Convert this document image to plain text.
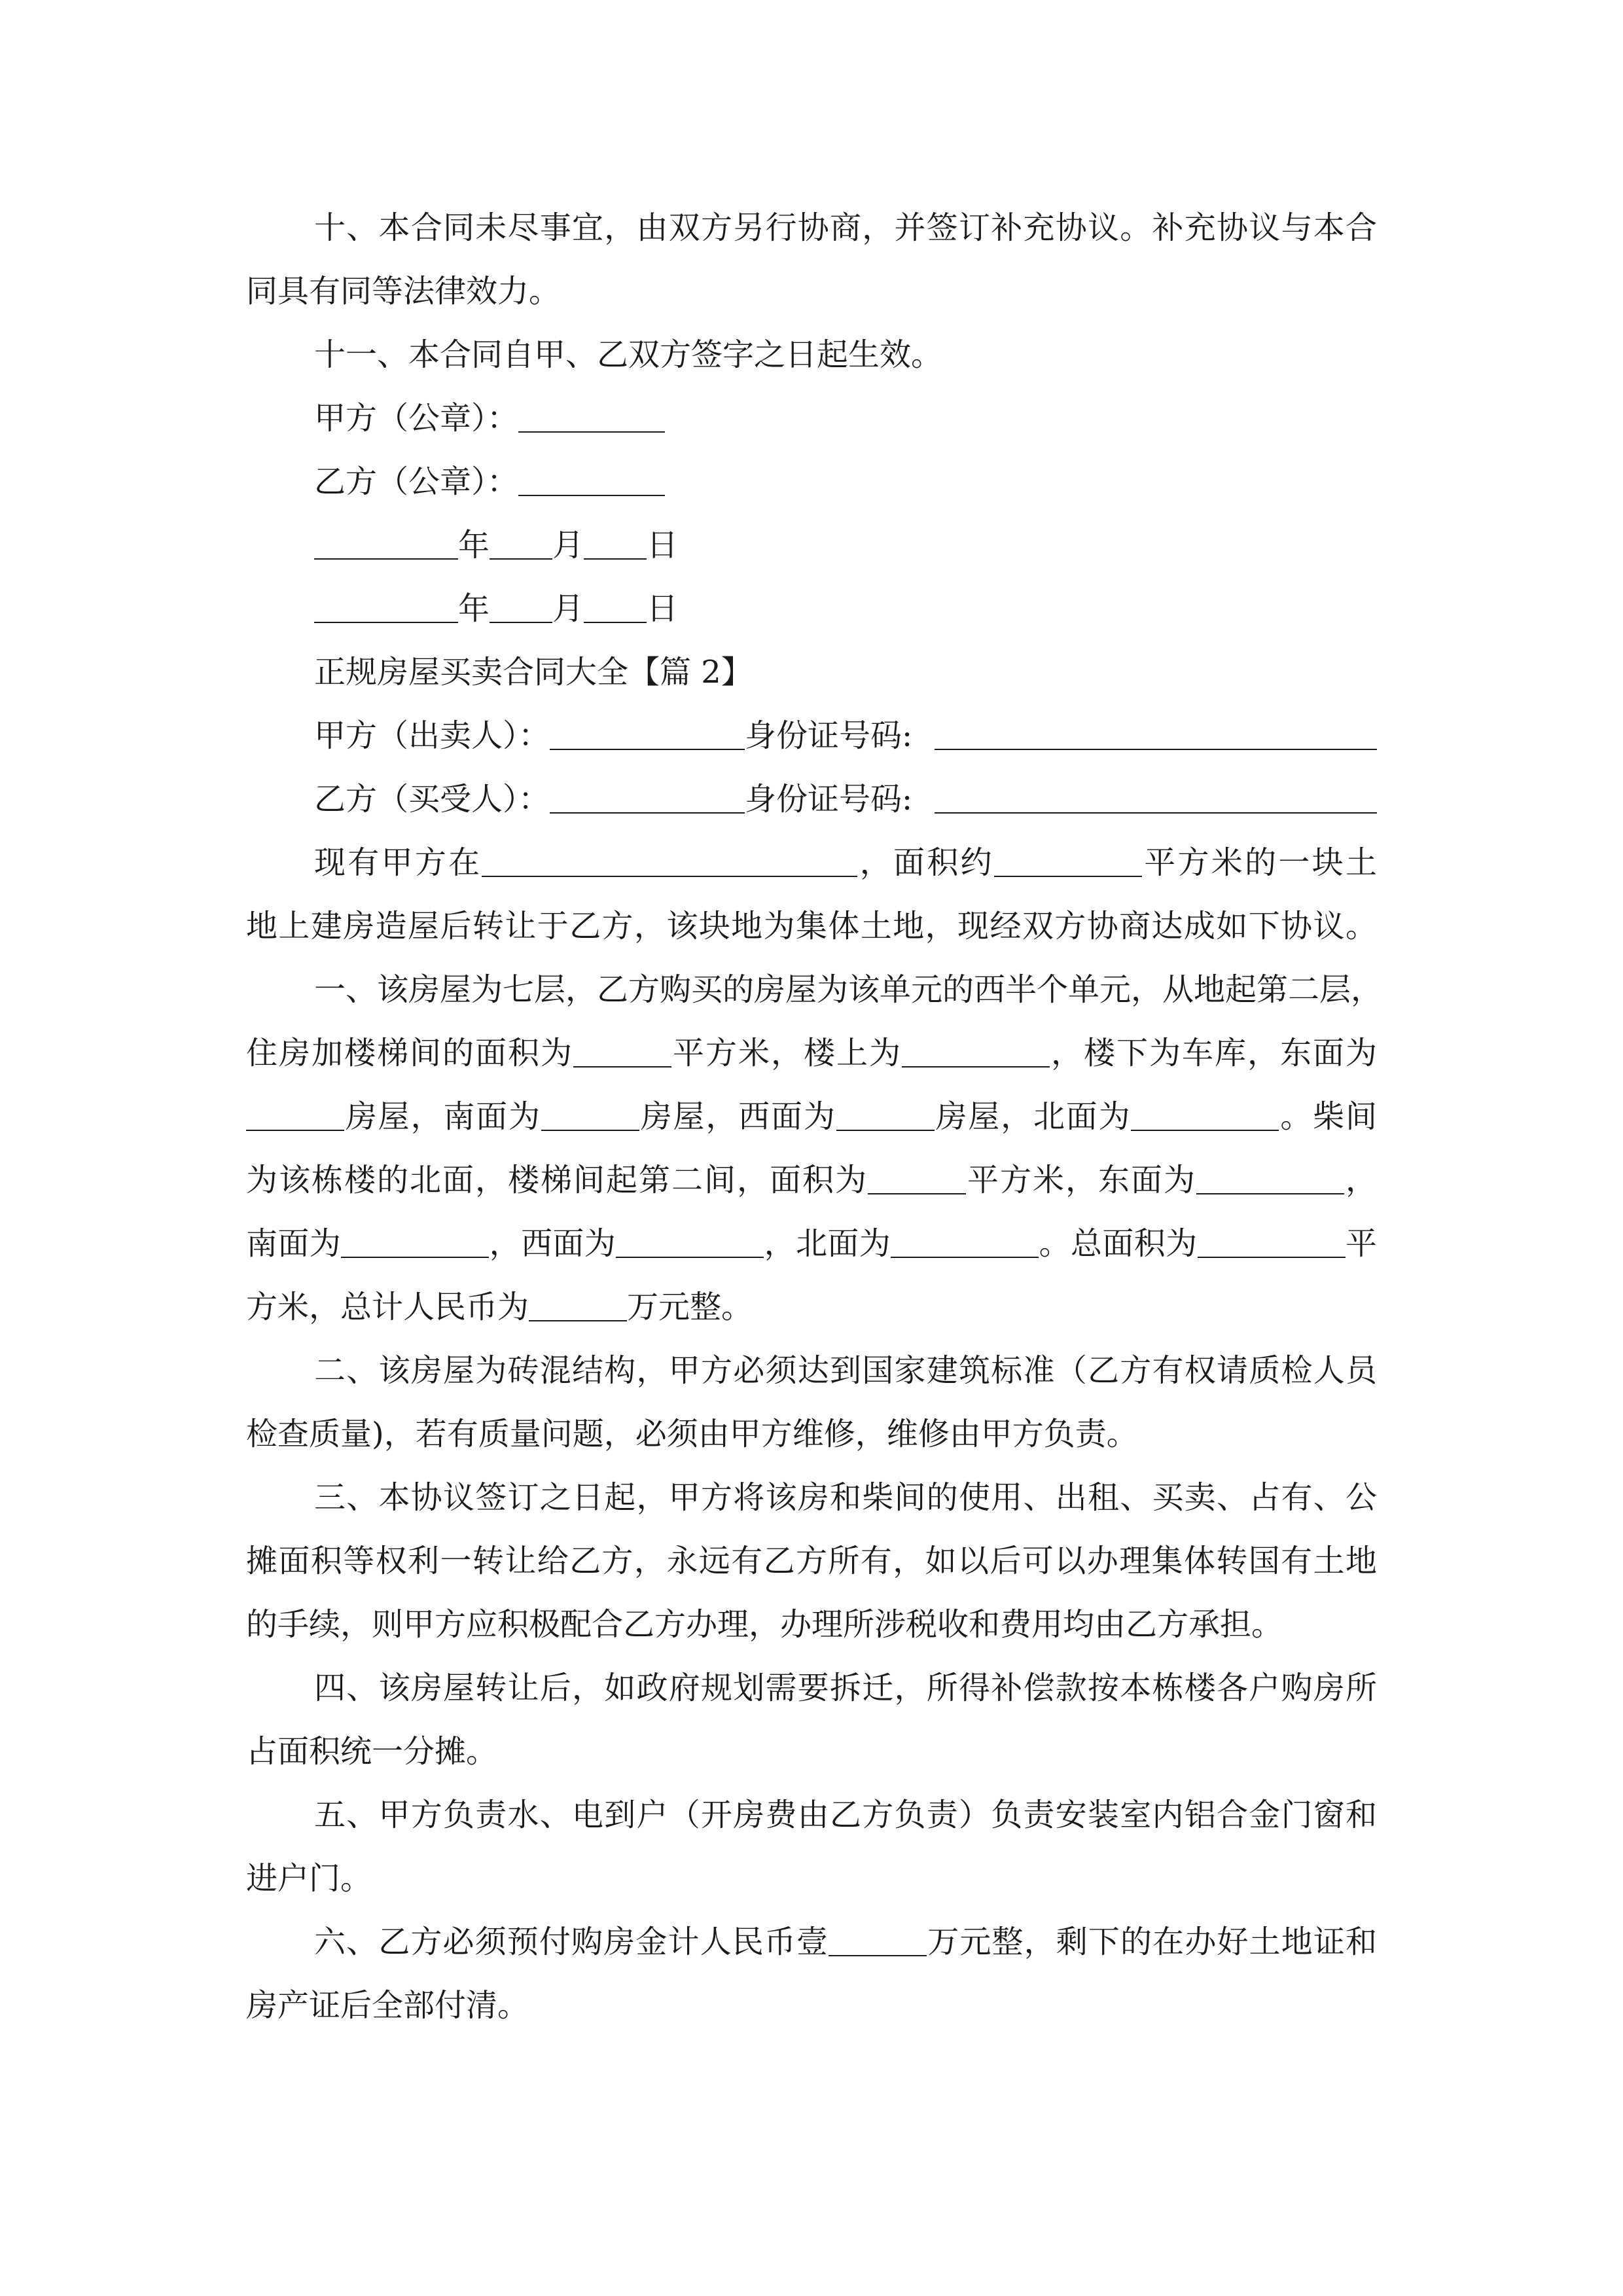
十、本合同未尽事宜，由双方另行协商，并签订补充协议。补充协议与本合
同具有同等法律效力。
十一、本合同自甲、乙双方签字之日起生效。
甲方（公章）：
乙方（公章）：
年 月 日
年 月 日
正规房屋买卖合同大全【篇 2】
甲方（出卖人）：	身份证号码:
乙方（买受人）：	身份证号码:
现有甲方在	，面积约	平方米的一块土
地上建房造屋后转让于乙方，该块地为集体土地，现经双方协商达成如下协议。
一、该房屋为七层，乙方购买的房屋为该单元的西半个单元，从地起第二层，
住房加楼梯间的面积为	平方米，楼上为	，楼下为车库，东面为
房屋，南面为	房屋，西面为	房屋，北面为	。柴间
为该栋楼的北面，楼梯间起第二间，面积为	平方米，东面为	，
南面为	，西面为	，北面为	。总面积为	平
方米，总计人民币为	万元整。
二、该房屋为砖混结构，甲方必须达到国家建筑标准（乙方有权请质检人员
检查质量)，若有质量问题，必须由甲方维修，维修由甲方负责。
三、本协议签订之日起，甲方将该房和柴间的使用、出租、买卖、占有、公
摊面积等权利一转让给乙方，永远有乙方所有，如以后可以办理集体转国有土地
的手续，则甲方应积极配合乙方办理，办理所涉税收和费用均由乙方承担。
四、该房屋转让后，如政府规划需要拆迁，所得补偿款按本栋楼各户购房所
占面积统一分摊。
五、甲方负责水、电到户（开房费由乙方负责）负责安装室内铝合金门窗和
进户门。
六、乙方必须预付购房金计人民币壹	万元整，剩下的在办好土地证和
房产证后全部付清。
